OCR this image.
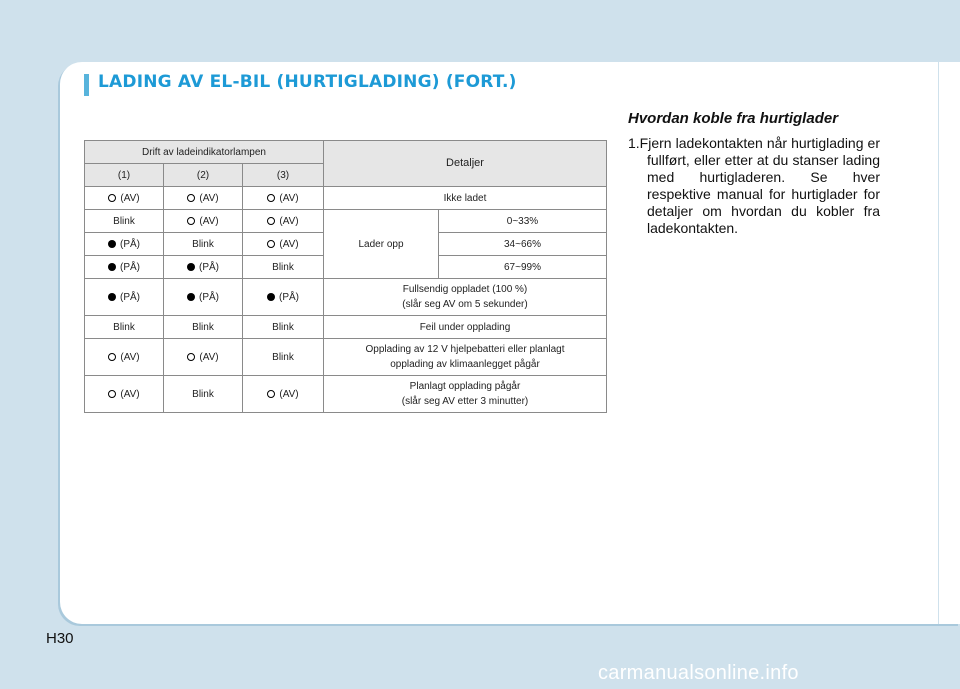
LADING AV EL-BIL (HURTIGLADING) (FORT.)
Drift av ladeindikatorlampen			Detaljer	
(1)	(2)	(3)		
(AV)	(AV)	(AV)	Ikke ladet	
Blink	(AV)	(AV)	Lader opp	0~33%
(PÅ)	Blink	(AV)		34~66%
(PÅ)	(PÅ)	Blink		67~99%
(PÅ)	(PÅ)	(PÅ)	Fullsendig oppladet (100 %)
(slår seg AV om 5 sekunder)	

Blink	Blink	Blink	Feil under opplading	
(AV)	(AV)	Blink	Opplading av 12 V hjelpebatteri eller planlagt
opplading av klimaanlegget pågår	

(AV)	Blink	(AV)	Planlagt opplading pågår
(slår seg AV etter 3 minutter)	
Hvordan koble fra hurtiglader
1.Fjern ladekontakten når hurtiglading er fullført, eller etter at du stanser lading med hurtigladeren. Se hver respektive manual for hurtiglader for detaljer om hvordan du kobler fra ladekontakten.
H30
carmanualsonline.info
